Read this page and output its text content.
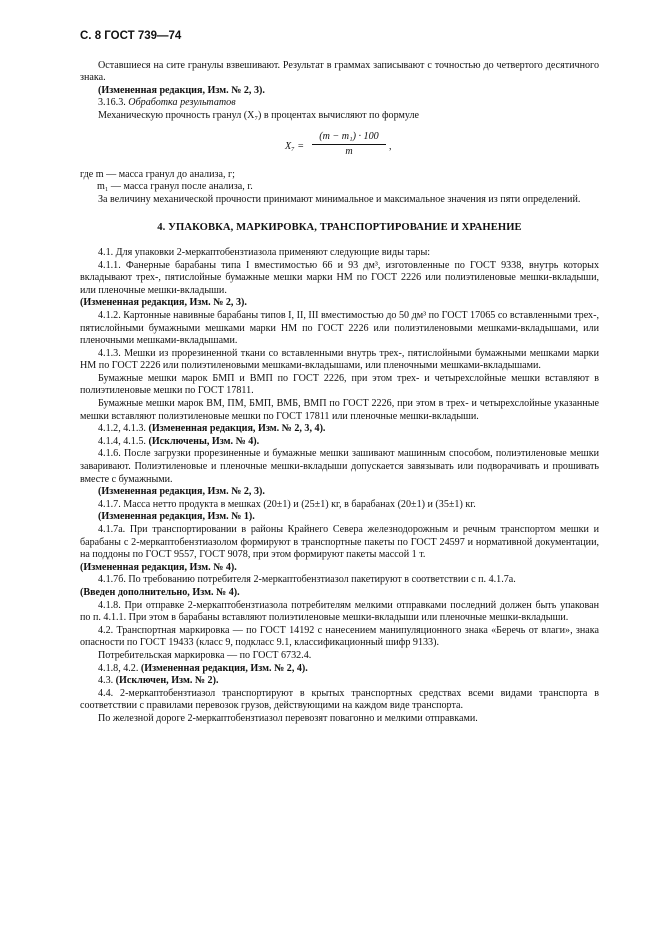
С. 8 ГОСТ 739—74

Оставшиеся на сите гранулы взвешивают. Результат в граммах записывают с точностью до четвертого десятичного знака.

(Измененная редакция, Изм. № 2, 3).

3.16.3. Обработка результатов

Механическую прочность гранул (X₇) в процентах вычисляют по формуле

$X_7 = \frac{\text{(m − m₁) · 100}}{m}$ ,

где m — масса гранул до анализа, г;

m₁ — масса гранул после анализа, г.

За величину механической прочности принимают минимальное и максимальное значения из пяти определений.

4. УПАКОВКА, МАРКИРОВКА, ТРАНСПОРТИРОВАНИЕ И ХРАНЕНИЕ

4.1. Для упаковки 2-меркаптобензтиазола применяют следующие виды тары:

4.1.1. Фанерные барабаны типа I вместимостью 66 и 93 дм³, изготовленные по ГОСТ 9338, внутрь которых вкладывают трех-, пятислойные бумажные мешки марки НМ по ГОСТ 2226 или полиэтиленовые мешки-вкладыши, или пленочные мешки-вкладыши.

(Измененная редакция, Изм. № 2, 3).

4.1.2. Картонные навивные барабаны типов I, II, III вместимостью до 50 дм³ по ГОСТ 17065 со вставленными трех-, пятислойными бумажными мешками марки НМ по ГОСТ 2226 или полиэтиленовыми мешками-вкладышами, или пленочными мешками-вкладышами.

4.1.3. Мешки из прорезиненной ткани со вставленными внутрь трех-, пятислойными бумажными мешками марки НМ по ГОСТ 2226 или полиэтиленовыми мешками-вкладышами, или пленочными мешками-вкладышами.

Бумажные мешки марок БМП и ВМП по ГОСТ 2226, при этом трех- и четырехслойные мешки вставляют в полиэтиленовые мешки по ГОСТ 17811.

Бумажные мешки марок ВМ, ПМ, БМП, ВМБ, ВМП по ГОСТ 2226, при этом в трех- и четырехслойные указанные мешки вставляют полиэтиленовые мешки по ГОСТ 17811 или пленочные мешки-вкладыши.

4.1.2, 4.1.3. (Измененная редакция, Изм. № 2, 3, 4).

4.1.4, 4.1.5. (Исключены, Изм. № 4).

4.1.6. После загрузки прорезиненные и бумажные мешки зашивают машинным способом, полиэтиленовые мешки заваривают. Полиэтиленовые и пленочные мешки-вкладыши допускается завязывать или подворачивать и прошивать вместе с бумажными.

(Измененная редакция, Изм. № 2, 3).

4.1.7. Масса нетто продукта в мешках (20±1) и (25±1) кг, в барабанах (20±1) и (35±1) кг.

(Измененная редакция, Изм. № 1).

4.1.7а. При транспортировании в районы Крайнего Севера железнодорожным и речным транспортом мешки и барабаны с 2-меркаптобензтиазолом формируют в транспортные пакеты по ГОСТ 24597 и нормативной документации, на поддоны по ГОСТ 9557, ГОСТ 9078, при этом формируют пакеты массой 1 т.

(Измененная редакция, Изм. № 4).

4.1.7б. По требованию потребителя 2-меркаптобензтиазол пакетируют в соответствии с п. 4.1.7а.

(Введен дополнительно, Изм. № 4).

4.1.8. При отправке 2-меркаптобензтиазола потребителям мелкими отправками последний должен быть упакован по п. 4.1.1. При этом в барабаны вставляют полиэтиленовые мешки-вкладыши или пленочные мешки-вкладыши.

4.2. Транспортная маркировка — по ГОСТ 14192 с нанесением манипуляционного знака «Беречь от влаги», знака опасности по ГОСТ 19433 (класс 9, подкласс 9.1, классификационный шифр 9133).

Потребительская маркировка — по ГОСТ 6732.4.

4.1.8, 4.2. (Измененная редакция, Изм. № 2, 4).

4.3. (Исключен, Изм. № 2).

4.4. 2-меркаптобензтиазол транспортируют в крытых транспортных средствах всеми видами транспорта в соответствии с правилами перевозок грузов, действующими на каждом виде транспорта.

По железной дороге 2-меркаптобензтиазол перевозят повагонно и мелкими отправками.
